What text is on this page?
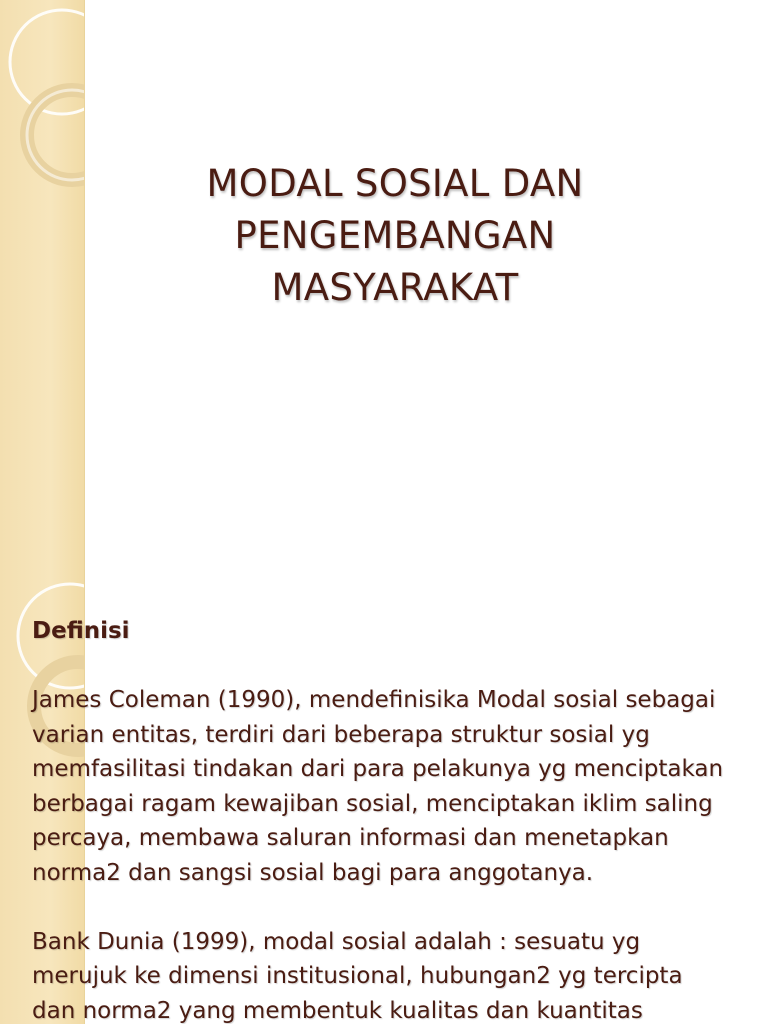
MODAL SOSIAL DAN
PENGEMBANGAN
MASYARAKAT
Definisi
James Coleman (1990), mendefinisika Modal sosial sebagai
varian entitas, terdiri dari beberapa struktur sosial yg
memfasilitasi tindakan dari para pelakunya yg menciptakan
berbagai ragam kewajiban sosial, menciptakan iklim saling
percaya, membawa saluran informasi dan menetapkan
norma2 dan sangsi sosial bagi para anggotanya.
Bank Dunia (1999), modal sosial adalah : sesuatu yg
merujuk ke dimensi institusional, hubungan2 yg tercipta
dan norma2 yang membentuk kualitas dan kuantitas
